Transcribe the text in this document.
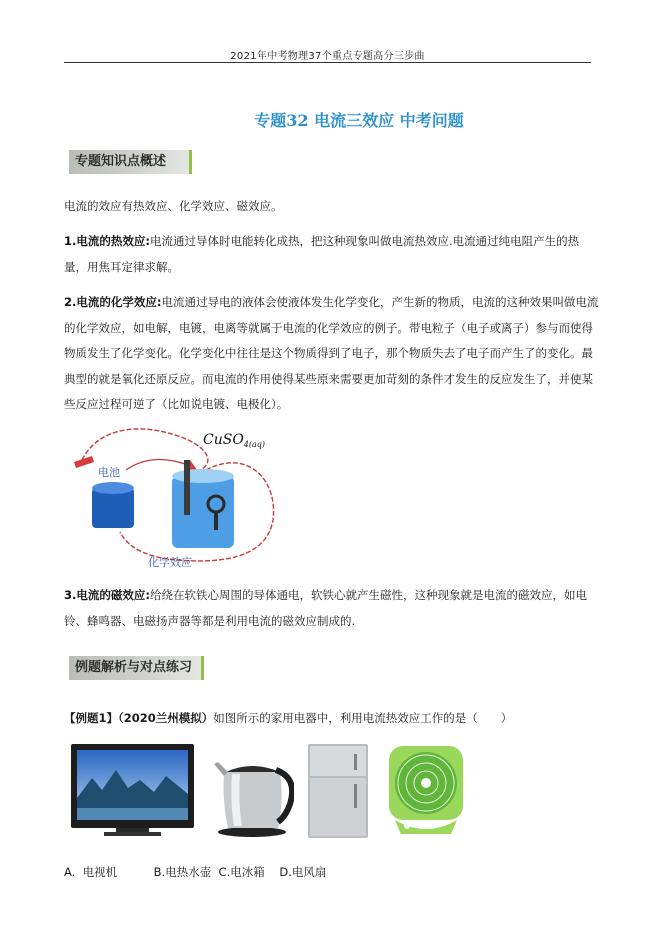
2021年中考物理37个重点专题高分三步曲
专题32 电流三效应 中考问题
专题知识点概述
电流的效应有热效应、化学效应、磁效应。
1.电流的热效应:电流通过导体时电能转化成热，把这种现象叫做电流热效应.电流通过纯电阻产生的热量，用焦耳定律求解。
2.电流的化学效应:电流通过导电的液体会使液体发生化学变化，产生新的物质，电流的这种效果叫做电流的化学效应，如电解，电镀，电离等就属于电流的化学效应的例子。带电粒子（电子或离子）参与而使得物质发生了化学变化。化学变化中往往是这个物质得到了电子，那个物质失去了电子而产生了的变化。最典型的就是氧化还原反应。而电流的作用使得某些原来需要更加苛刻的条件才发生的反应发生了，并使某些反应过程可逆了（比如说电镀、电极化）。
电池
CuSO$_{4(aq)}$
化学效应
3.电流的磁效应:给绕在软铁心周围的导体通电，软铁心就产生磁性，这种现象就是电流的磁效应，如电铃、蜂鸣器、电磁扬声器等都是利用电流的磁效应制成的.
例题解析与对点练习
【例题1】（2020兰州模拟）如图所示的家用电器中，利用电流热效应工作的是（　　）
A.  电视机          B.电热水壶  C.电冰箱    D.电风扇
